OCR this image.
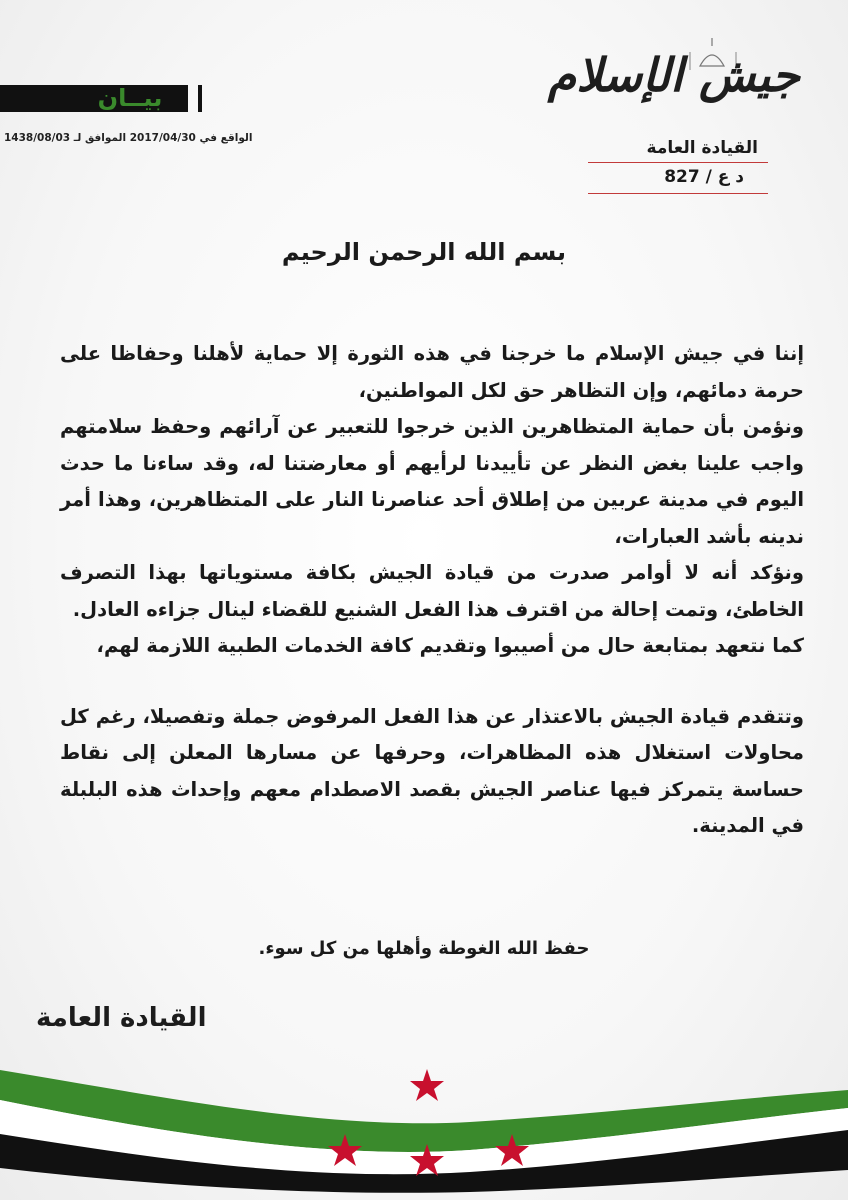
جيش الإسلام
بيــان
الواقع في 2017/04/30 الموافق لـ 1438/08/03	القيادة العامة
د ع / 827
بسم الله الرحمن الرحيم

إننا في جيش الإسلام ما خرجنا في هذه الثورة إلا حماية لأهلنا وحفاظا على حرمة دمائهم، وإن التظاهر حق لكل المواطنين،

ونؤمن بأن حماية المتظاهرين الذين خرجوا للتعبير عن آرائهم وحفظ سلامتهم واجب علينا بغض النظر عن تأييدنا لرأيهم أو معارضتنا له، وقد ساءنا ما حدث اليوم في مدينة عربين من إطلاق أحد عناصرنا النار على المتظاهرين، وهذا أمر ندينه بأشد العبارات،

ونؤكد أنه لا أوامر صدرت من قيادة الجيش بكافة مستوياتها بهذا التصرف الخاطئ، وتمت إحالة من اقترف هذا الفعل الشنيع للقضاء لينال جزاءه العادل.

كما نتعهد بمتابعة حال من أصيبوا وتقديم كافة الخدمات الطبية اللازمة لهم،

وتتقدم قيادة الجيش بالاعتذار عن هذا الفعل المرفوض جملة وتفصيلا، رغم كل محاولات استغلال هذه المظاهرات، وحرفها عن مسارها المعلن إلى نقاط حساسة يتمركز فيها عناصر الجيش بقصد الاصطدام معهم وإحداث هذه البلبلة في المدينة.

حفظ الله الغوطة وأهلها من كل سوء.
القيادة العامة
